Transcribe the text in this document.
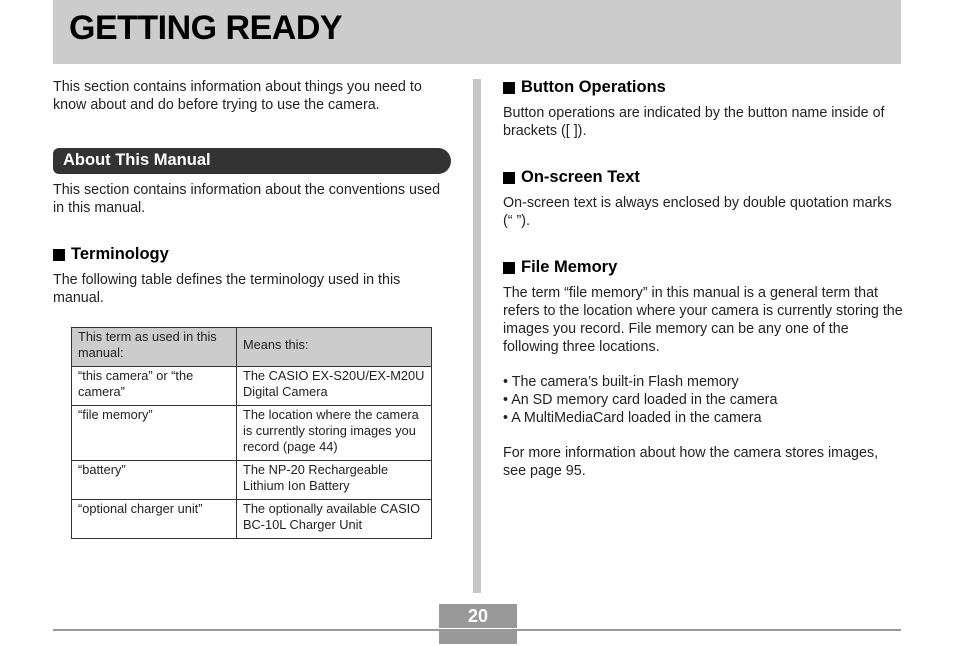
GETTING READY

This section contains information about things you need to know about and do before trying to use the camera.

About This Manual

This section contains information about the conventions used in this manual.

Terminology

The following table defines the terminology used in this manual.

This term as used in this manual:	Means this:
“this camera” or “the camera”	The CASIO EX-S20U/EX-M20U Digital Camera
“file memory”	The location where the camera is currently storing images you record (page 44)
“battery”	The NP-20 Rechargeable Lithium Ion Battery
“optional charger unit”	The optionally available CASIO BC-10L Charger Unit
Button Operations

Button operations are indicated by the button name inside of brackets ([ ]).

On-screen Text

On-screen text is always enclosed by double quotation marks (“ ”).

File Memory

The term “file memory” in this manual is a general term that refers to the location where your camera is currently storing the images you record. File memory can be any one of the following three locations.

• The camera’s built-in Flash memory
• An SD memory card loaded in the camera
• A MultiMediaCard loaded in the camera

For more information about how the camera stores images, see page 95.

20
